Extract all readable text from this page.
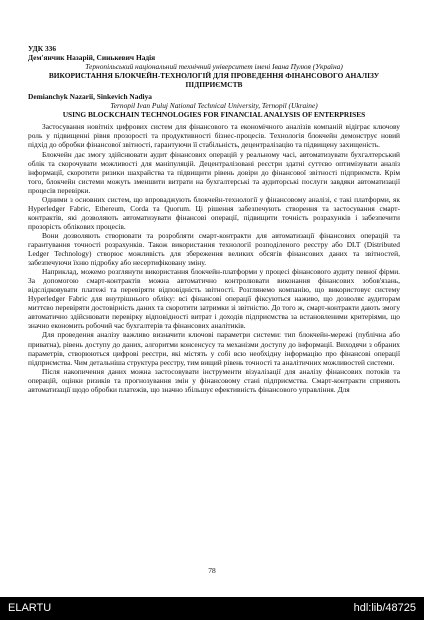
УДК 336

Дем'янчик Назарій, Синькевич Надія

Тернопільський національний технічний університет імені Івана Пулюя (Україна)

ВИКОРИСТАННЯ БЛОКЧЕЙН-ТЕХНОЛОГІЙ ДЛЯ ПРОВЕДЕННЯ ФІНАНСОВОГО АНАЛІЗУ ПІДПРИЄМСТВ

Demianchyk Nazarii, Sinkevich Nadiya

Ternopil Ivan Puluj National Technical University, Ternopil (Ukraine)

USING BLOCKCHAIN TECHNOLOGIES FOR FINANCIAL ANALYSIS OF ENTERPRISES

Застосування новітніх цифрових систем для фінансового та економічного аналізів компаній відіграє ключову роль у підвищенні рівня прозорості та продуктивності бізнес-процесів. Технологія блокчейн демонструє новий підхід до обробки фінансової звітності, гарантуючи її стабільність, децентралізацію та підвищену захищеність.

Блокчейн дає змогу здійснювати аудит фінансових операцій у реальному часі, автоматизувати бухгалтерський облік та скорочувати можливості для маніпуляцій. Децентралізовані реєстри здатні суттєво оптимізувати аналіз інформації, скоротити ризики шахрайства та підвищити рівень довіри до фінансової звітності підприємств. Крім того, блокчейн системи можуть зменшити витрати на бухгалтерські та аудиторські послуги завдяки автоматизації процесів перевірки.

Одними з основних систем, що впроваджують блокчейн-технології у фінансовому аналізі, є такі платформи, як Hyperledger Fabric, Ethereum, Corda та Quorum. Ці рішення забезпечують створення та застосування смарт-контрактів, які дозволяють автоматизувати фінансові операції, підвищити точність розрахунків і забезпечити прозорість облікових процесів.

Вони дозволяють створювати та розробляти смарт-контракти для автоматизації фінансових операцій та гарантування точності розрахунків. Також використання технології розподіленого реєстру або DLT (Distributed Ledger Technology) створює можливість для збереження великих обсягів фінансових даних та звітностей, забезпечуючи їхню підробку або несертифіковану зміну.

Наприклад, можемо розглянути використання блокчейн-платформи у процесі фінансового аудиту певної фірми. За допомогою смарт-контрактів можна автоматично контролювати виконання фінансових зобов'язань, відслідковувати платежі та перевіряти відповідність звітності. Розглянемо компанію, що використовує систему Hyperledger Fabric для внутрішнього обліку: всі фінансові операції фіксуються наживо, що дозволяє аудиторам миттєво перевіряти достовірність даних та скоротити затримки зі звітністю. До того ж, смарт-контракти дають змогу автоматично здійснювати перевірку відповідності витрат і доходів підприємства за встановленими критеріями, що значно економить робочий час бухгалтерів та фінансових аналітиків.

Для проведення аналізу важливо визначити ключові параметри системи: тип блокчейн-мережі (публічна або приватна), рівень доступу до даних, алгоритми консенсусу та механізми доступу до інформації. Виходячи з обраних параметрів, створюються цифрові реєстри, які містять у собі всю необхідну інформацію про фінансові операції підприємства. Чим детальніша структура реєстру, тим вищий рівень точності та аналітичних можливостей системи.

Після накопичення даних можна застосовувати інструменти візуалізації для аналізу фінансових потоків та операцій, оцінки ризиків та прогнозування змін у фінансовому стані підприємства. Смарт-контракти сприяють автоматизації щодо обробки платежів, що значно збільшує ефективність фінансового управління. Для

78
ELARTU	hdl:lib/48725
